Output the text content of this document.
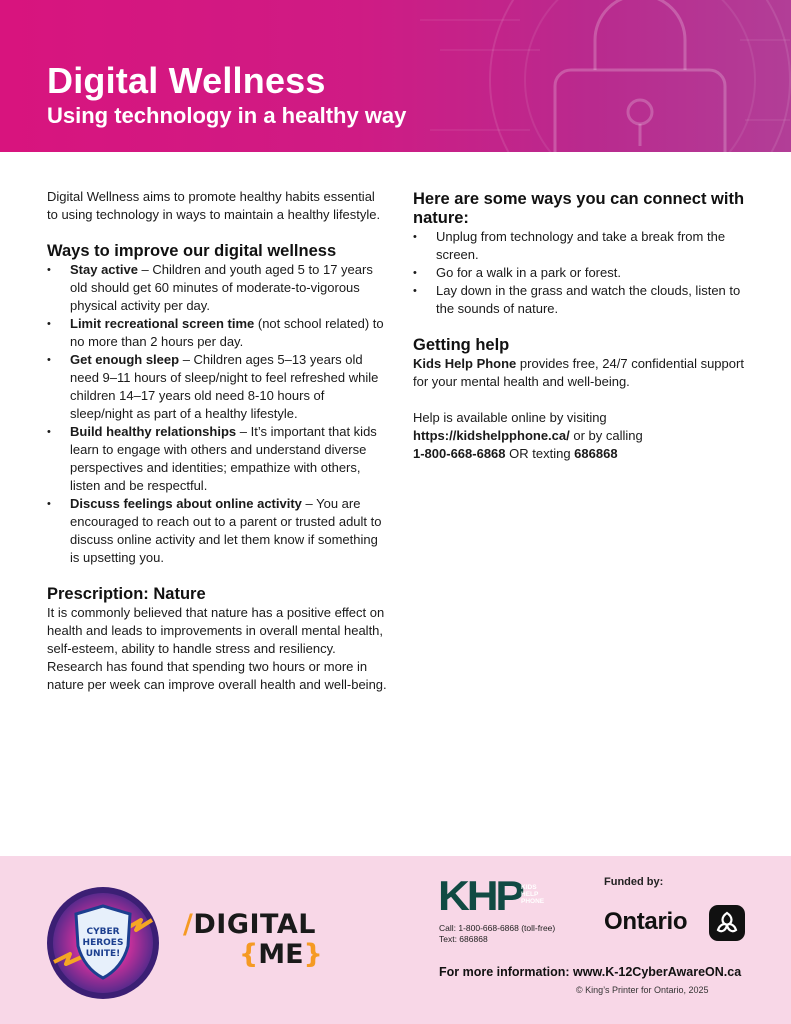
Digital Wellness
Using technology in a healthy way

Digital Wellness aims to promote healthy habits essential to using technology in ways to maintain a healthy lifestyle.

Ways to improve our digital wellness
• Stay active – Children and youth aged 5 to 17 years old should get 60 minutes of moderate-to-vigorous physical activity per day.
• Limit recreational screen time (not school related) to no more than 2 hours per day.
• Get enough sleep – Children ages 5–13 years old need 9–11 hours of sleep/night to feel refreshed while children 14–17 years old need 8-10 hours of sleep/night as part of a healthy lifestyle.
• Build healthy relationships – It’s important that kids learn to engage with others and understand diverse perspectives and identities; empathize with others, listen and be respectful.
• Discuss feelings about online activity – You are encouraged to reach out to a parent or trusted adult to discuss online activity and let them know if something is upsetting you.
Prescription: Nature

It is commonly believed that nature has a positive effect on health and leads to improvements in overall mental health, self-esteem, ability to handle stress and resiliency. Research has found that spending two hours or more in nature per week can improve overall health and well-being.

Here are some ways you can connect with nature:
• Unplug from technology and take a break from the screen.
• Go for a walk in a park or forest.
• Lay down in the grass and watch the clouds, listen to the sounds of nature.
Getting help

Kids Help Phone provides free, 24/7 confidential support for your mental health and well-being.

Help is available online by visiting
https://kidshelpphone.ca/ or by calling
1-800-668-6868 OR texting 686868

CYBER
HEROES
UNITE!
/DIGITAL
{ME}
KHP KIDS
HELP
PHONE
Call: 1-800-668-6868 (toll-free)
Text: 686868
Funded by:
Ontario
For more information: www.K-12CyberAwareON.ca
© King’s Printer for Ontario, 2025
